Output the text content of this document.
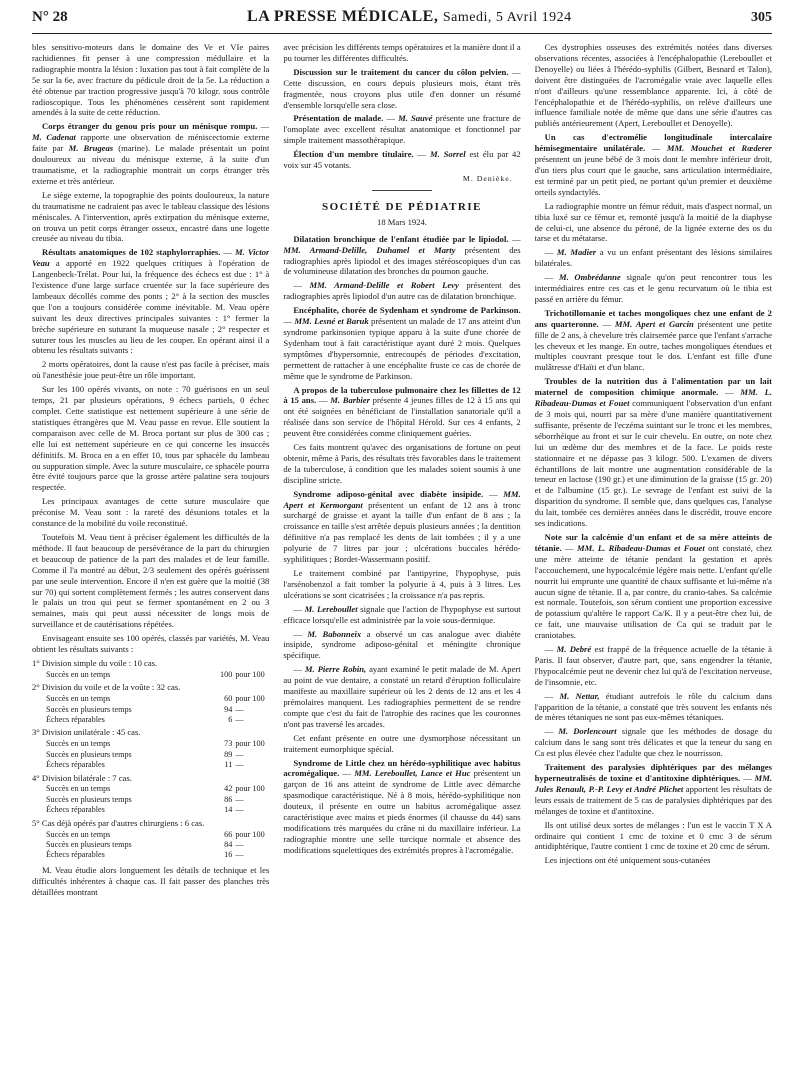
N° 28	LA PRESSE MÉDICALE, Samedi, 5 Avril 1924	305

bles sensitivo-moteurs dans le domaine des Ve et VIe paires rachidiennes fit penser à une compression médullaire et la radiographie montra la lésion : luxation pas tout à fait complète de la 5e sur la 6e, avec fracture du pédicule droit de la 5e. La réduction a été obtenue par traction progressive jusqu'à 70 kilogr. sous contrôle radioscopique. Tous les phénomènes cessèrent sont rapidement amendés à la suite de cette réduction.

Corps étranger du genou pris pour un ménisque rompu. — M. Cadenat rapporte une observation de méniscectomie externe faite par M. Brugeas (marine). Le malade présentait un point douloureux au niveau du ménisque externe, à la suite d'un traumatisme, et la radiographie montrait un corps étranger très externe et très antérieur.

Le siège externe, la topographie des points douloureux, la nature du traumatisme ne cadraient pas avec le tableau classique des lésions méniscales. A l'intervention, après extirpation du ménisque externe, on trouva un petit corps étranger osseux, encastré dans une logette creusée au niveau du tibia.

Résultats anatomiques de 102 staphylorraphies. — M. Victor Veau a apporté en 1922 quelques critiques à l'opération de Langenbeck-Trélat. Pour lui, la fréquence des échecs est due : 1° à l'existence d'une large surface cruentée sur la face supérieure des lambeaux décollés comme des ponts ; 2° à la section des muscles que l'on a toujours considérée comme inévitable. M. Veau opère suivant les deux directives principales suivantes : 1° fermer la brèche supérieure en suturant la muqueuse nasale ; 2° respecter et suturer tous les muscles au lieu de les couper. En opérant ainsi il a obtenu les résultats suivants :

2 morts opératoires, dont la cause n'est pas facile à préciser, mais où l'anesthésie joue peut-être un rôle important.

Sur les 100 opérés vivants, on note : 70 guérisons en un seul temps, 21 par plusieurs opérations, 9 échecs partiels, 0 échec complet. Cette statistique est nettement supérieure à une série de statistiques étrangères que M. Veau passe en revue. Elle soutient la comparaison avec celle de M. Broca portant sur plus de 300 cas ; elle lui est nettement supérieure en ce qui concerne les insuccès définitifs. M. Broca en a en effet 10, tous par sphacèle du lambeau ou suppuration simple. Avec la suture musculaire, ce sphacèle pourra être évité toujours parce que la grosse artère palatine sera toujours respectée.

Les principaux avantages de cette suture musculaire que préconise M. Veau sont : la rareté des désunions totales et la constance de la mobilité du voile reconstitué.

Toutefois M. Veau tient à préciser également les difficultés de la méthode. Il faut beaucoup de persévérance de la part du chirurgien et beaucoup de patience de la part des malades et de leur famille. Comme il l'a montré au début, 2/3 seulement des opérés guérissent par une seule intervention. Encore il n'en est guère que la moitié (38 sur 70) qui sortent complètement fermés ; les autres conservent dans le palais un trou qui peut se fermer spontanément en 2 ou 3 semaines, mais qui peut aussi nécessiter de longs mois de surveillance et de cautérisations répétées.

Envisageant ensuite ses 100 opérés, classés par variétés, M. Veau obtient les résultats suivants :

1° Division simple du voile : 10 cas.
Succès en un temps	100 pour 100
2° Division du voile et de la voûte : 32 cas.
Succès en un temps	60 pour 100
Succès en plusieurs temps	94 —
Échecs réparables	6 —
3° Division unilatérale : 45 cas.
Succès en un temps	73 pour 100
Succès en plusieurs temps	89 —
Échecs réparables	11 —
4° Division bilatérale : 7 cas.
Succès en un temps	42 pour 100
Succès en plusieurs temps	86 —
Échecs réparables	14 —
5° Cas déjà opérés par d'autres chirurgiens : 6 cas.
Succès en un temps	66 pour 100
Succès en plusieurs temps	84 —
Échecs réparables	16 —

M. Veau étudie alors longuement les détails de technique et les difficultés inhérentes à chaque cas. Il fait passer des planches très détaillées montrant

avec précision les différents temps opératoires et la manière dont il a pu tourner les différentes difficultés.

Discussion sur le traitement du cancer du côlon pelvien. — Cette discussion, en cours depuis plusieurs mois, étant très fragmentée, nous croyons plus utile d'en donner un résumé d'ensemble lorsqu'elle sera close.

Présentation de malade. — M. Sauvé présente une fracture de l'omoplate avec excellent résultat anatomique et fonctionnel par simple traitement massothérapique.

Élection d'un membre titulaire. — M. Sorrel est élu par 42 voix sur 45 votants.

M. Denièke.
SOCIÉTÉ DE PÉDIATRIE
18 Mars 1924.

Dilatation bronchique de l'enfant étudiée par le lipiodol. — MM. Armand-Delille, Duhamel et Marty présentent des radiographies après lipiodol et des images stéréoscopiques d'un cas de volumineuse dilatation des bronches du poumon gauche.

— MM. Armand-Delille et Robert Levy présentent des radiographies après lipiodol d'un autre cas de dilatation bronchique.

Encéphalite, chorée de Sydenham et syndrome de Parkinson. — MM. Lesné et Baruk présentent un malade de 17 ans atteint d'un syndrome parkinsonien typique apparu à la suite d'une chorée de Sydenham tout à fait caractéristique ayant duré 2 mois. Quelques symptômes d'hypersomnie, entrecoupés de périodes d'excitation, permettent de rattacher à une encéphalite fruste ce cas de chorée de même que le syndrome de Parkinson.

A propos de la tuberculose pulmonaire chez les fillettes de 12 à 15 ans. — M. Barbier présente 4 jeunes filles de 12 à 15 ans qui ont été soignées en bénéficiant de l'installation sanatoriale qu'il a réalisée dans son service de l'hôpital Hérold. Sur ces 4 enfants, 2 peuvent être considérées comme cliniquement guéries.

Ces faits montrent qu'avec des organisations de fortune on peut obtenir, même à Paris, des résultats très favorables dans le traitement de la tuberculose, à condition que les malades soient soumis à une discipline stricte.

Syndrome adiposo-génital avec diabète insipide. — MM. Apert et Kermorgant présentent un enfant de 12 ans à tronc surchargé de graisse et ayant la taille d'un enfant de 8 ans ; la croissance en taille s'est arrêtée depuis plusieurs années ; la dentition définitive n'a pas remplacé les dents de lait tombées ; il y a une polyurie de 7 litres par jour ; ulcérations buccales hérédo-syphilitiques ; Bordet-Wassermann positif.

Le traitement combiné par l'antipyrine, l'hypophyse, puis l'arsénobenzol a fait tomber la polyurie à 4, puis à 3 litres. Les ulcérations se sont cicatrisées ; la croissance n'a pas repris.

— M. Lereboullet signale que l'action de l'hypophyse est surtout efficace lorsqu'elle est administrée par la voie sous-dermique.

— M. Babonneix a observé un cas analogue avec diabète insipide, syndrome adiposo-génital et méningite chronique spécifique.

— M. Pierre Robin, ayant examiné le petit malade de M. Apert au point de vue dentaire, a constaté un retard d'éruption folliculaire manifeste au maxillaire supérieur où les 2 dents de 12 ans et les 4 prémolaires manquent. Les radiographies permettent de se rendre compte que c'est du fait de l'atrophie des racines que les couronnes n'ont pas traversé les arcades.

Cet enfant présente en outre une dysmorphose nécessitant un traitement eumorphique spécial.

Syndrome de Little chez un hérédo-syphilitique avec habitus acromégalique. — MM. Lereboullet, Lance et Huc présentent un garçon de 16 ans atteint de syndrome de Little avec démarche spasmodique caractéristique. Né à 8 mois, hérédo-syphilitique non douteux, il présente en outre un habitus acromégalique assez caractéristique avec mains et pieds énormes (il chausse du 44) sans modifications très marquées du crâne ni du maxillaire inférieur. La radiographie montre une selle turcique normale et absence des modifications squelettiques des extrémités propres à l'acromégalie.

Ces dystrophies osseuses des extrémités notées dans diverses observations récentes, associées à l'encéphalopathie (Lereboullet et Denoyelle) ou liées à l'hérédo-syphilis (Gilbert, Besnard et Talon), doivent être distinguées de l'acromégalie vraie avec laquelle elles n'ont d'ailleurs qu'une ressemblance apparente. Ici, à côté de l'encéphalopathie et de l'hérédo-syphilis, on relève d'ailleurs une influence familiale notée de même que dans une série d'autres cas publiés antérieurement (Apert, Lereboullet et Denoyelle).

Un cas d'ectromélie longitudinale intercalaire hémisegmentaire unilatérale. — MM. Mouchet et Rœderer présentent un jeune bébé de 3 mois dont le membre inférieur droit, d'un tiers plus court que le gauche, sans articulation intermédiaire, est terminé par un petit pied, ne portant qu'un premier et deuxième orteils syndactylés.

La radiographie montre un fémur réduit, mais d'aspect normal, un tibia luxé sur ce fémur et, remonté jusqu'à la moitié de la diaphyse de celui-ci, une absence du péroné, de la lignée externe des os du tarse et du métatarse.

— M. Madier a vu un enfant présentant des lésions similaires bilatérales.

— M. Ombrédanne signale qu'on peut rencontrer tous les intermédiaires entre ces cas et le genu recurvatum où le tibia est passé en arrière du fémur.

Trichotillomanie et taches mongoliques chez une enfant de 2 ans quarteronne. — MM. Apert et Garcin présentent une petite fille de 2 ans, à chevelure très clairsemée parce que l'enfant s'arrache les cheveux et les mange. En outre, taches mongoliques étendues et multiples couvrant presque tout le dos. L'enfant est fille d'une mulâtresse d'Haïti et d'un blanc.

Troubles de la nutrition dus à l'alimentation par un lait maternel de composition chimique anormale. — MM. L. Ribadeau-Dumas et Fouet communiquent l'observation d'un enfant de 3 mois qui, nourri par sa mère d'une manière quantitativement suffisante, présente de l'eczéma suintant sur le tronc et les membres, séborrhéique au front et sur le cuir chevelu. En outre, on note chez lui un œdème dur des membres et de la face. Le poids reste stationnaire et ne dépasse pas 3 kilogr. 500. L'examen de divers échantillons de lait montre une augmentation considérable de la teneur en lactose (190 gr.) et une diminution de la graisse (15 gr. 20) et de l'albumine (15 gr.). Le sevrage de l'enfant est suivi de la disparition du syndrome. Il semble que, dans quelques cas, l'analyse du lait, tombée ces dernières années dans le discrédit, trouve encore ses indications.

Note sur la calcémie d'un enfant et de sa mère atteints de tétanie. — MM. L. Ribadeau-Dumas et Fouet ont constaté, chez une mère atteinte de tétanie pendant la gestation et après l'accouchement, une hypocalcémie légère mais nette. L'enfant qu'elle nourrit lui emprunte une quantité de chaux suffisante et lui-même n'a aucun signe de tétanie. Il a, par contre, du cranio-tabes. Sa calcémie est normale. Toutefois, son sérum contient une proportion excessive de potassium qu'altère le rapport Ca/K. Il y a peut-être chez lui, de ce fait, une mauvaise utilisation de Ca qui se traduit par le craniotabes.

— M. Debré est frappé de la fréquence actuelle de la tétanie à Paris. Il faut observer, d'autre part, que, sans engendrer la tétanie, l'hypocalcémie peut ne devenir chez lui qu'à de l'excitation nerveuse, de l'insomnie, etc.

— M. Nettar, étudiant autrefois le rôle du calcium dans l'apparition de la tétanie, a constaté que très souvent les enfants nés de mères tétaniques ne sont pas eux-mêmes tétaniques.

— M. Dorlencourt signale que les méthodes de dosage du calcium dans le sang sont très délicates et que la teneur du sang en Ca est plus élevée chez l'adulte que chez le nourrisson.

Traitement des paralysies diphtériques par des mélanges hyperneutralisés de toxine et d'antitoxine diphtériques. — MM. Jules Renault, P.-P. Levy et André Plichet apportent les résultats de leurs essais de traitement de 5 cas de paralysies diphtériques par des mélanges de toxine et d'antitoxine.

Ils ont utilisé deux sortes de mélanges : l'un est le vaccin T X A ordinaire qui contient 1 cmc de toxine et 0 cmc 3 de sérum antidiphtérique, l'autre contient 1 cmc de toxine et 20 cmc de sérum.

Les injections ont été uniquement sous-cutanées
